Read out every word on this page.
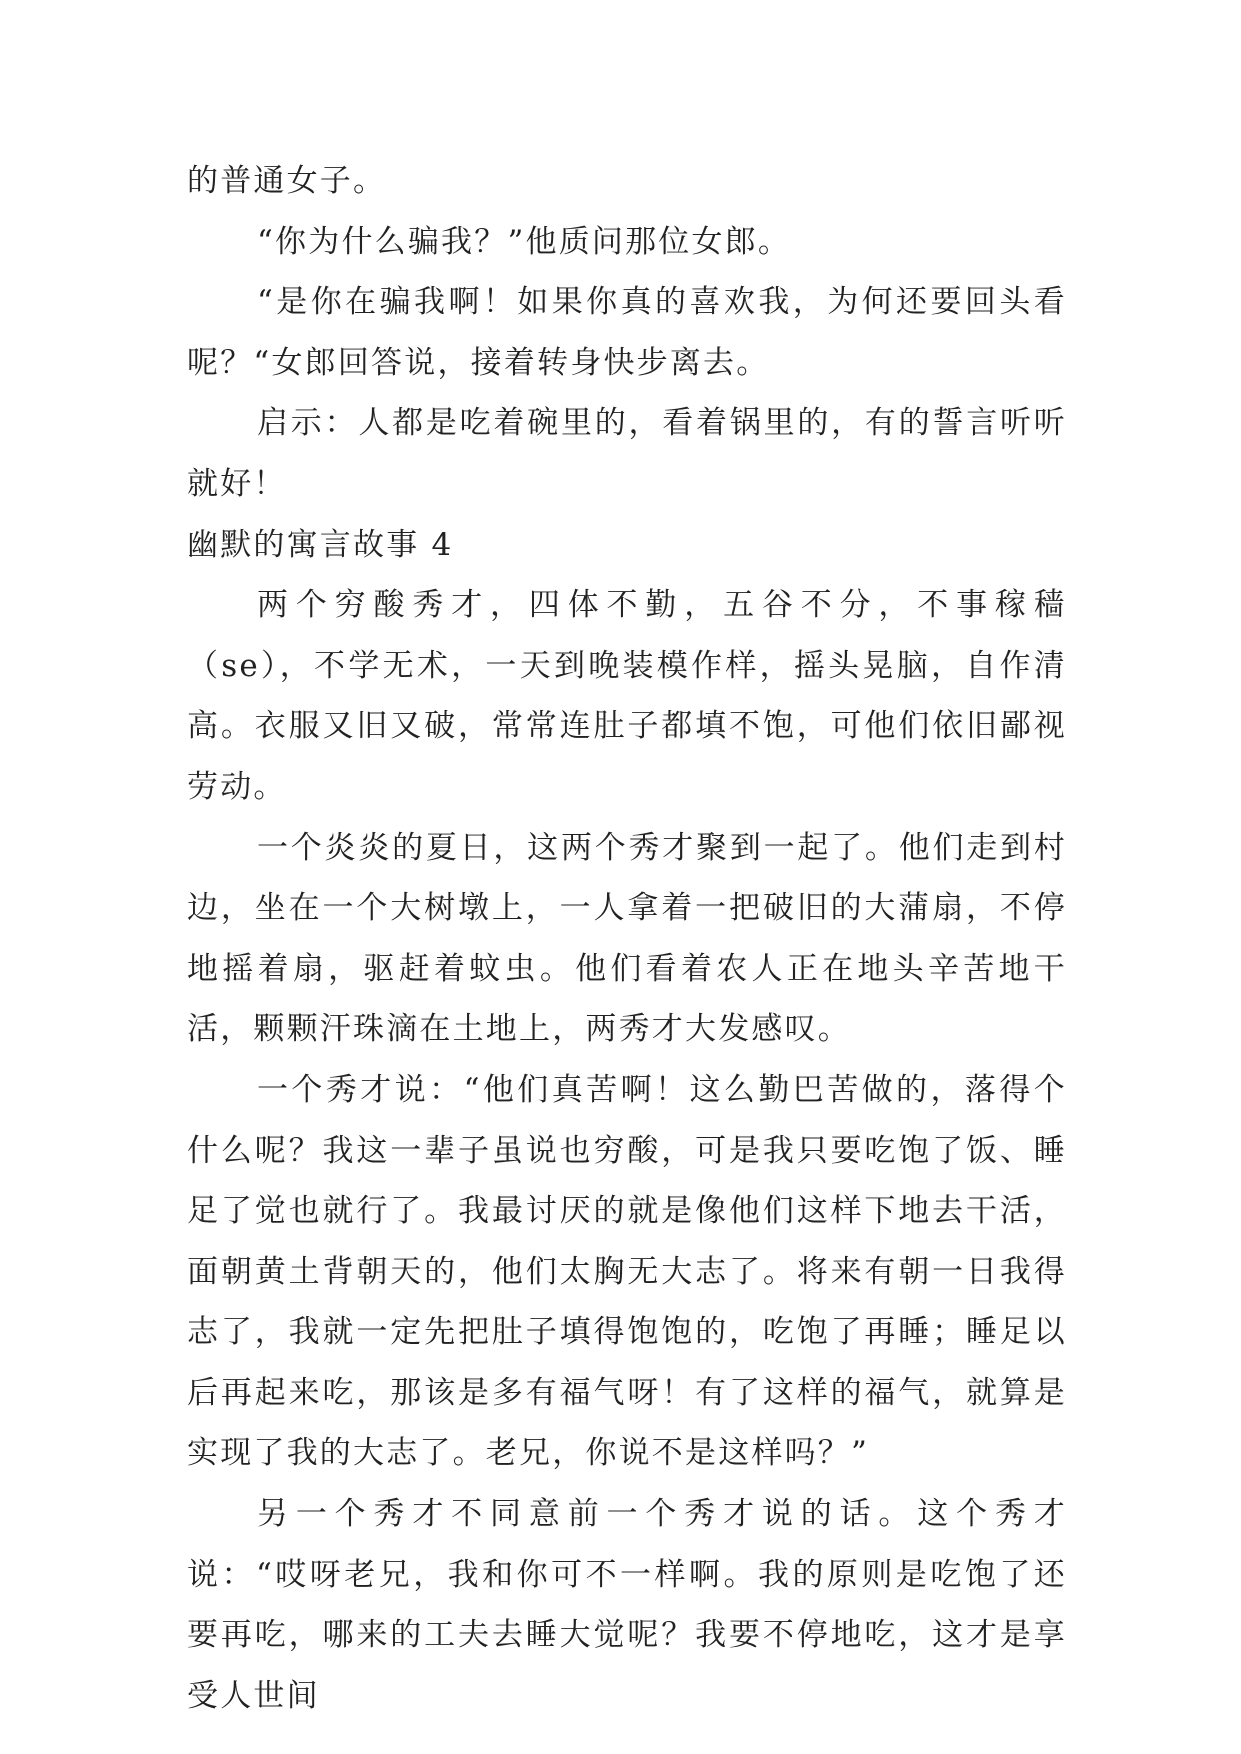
的普通女子。

“你为什么骗我？”他质问那位女郎。

“是你在骗我啊！如果你真的喜欢我，为何还要回头看呢？“女郎回答说，接着转身快步离去。

启示：人都是吃着碗里的，看着锅里的，有的誓言听听就好！

幽默的寓言故事 4

两个穷酸秀才，四体不勤，五谷不分，不事稼穑（se），不学无术，一天到晚装模作样，摇头晃脑，自作清高。衣服又旧又破，常常连肚子都填不饱，可他们依旧鄙视劳动。

一个炎炎的夏日，这两个秀才聚到一起了。他们走到村边，坐在一个大树墩上，一人拿着一把破旧的大蒲扇，不停地摇着扇，驱赶着蚊虫。他们看着农人正在地头辛苦地干活，颗颗汗珠滴在土地上，两秀才大发感叹。

一个秀才说：“他们真苦啊！这么勤巴苦做的，落得个什么呢？我这一辈子虽说也穷酸，可是我只要吃饱了饭、睡足了觉也就行了。我最讨厌的就是像他们这样下地去干活，面朝黄土背朝天的，他们太胸无大志了。将来有朝一日我得志了，我就一定先把肚子填得饱饱的，吃饱了再睡；睡足以后再起来吃，那该是多有福气呀！有了这样的福气，就算是实现了我的大志了。老兄，你说不是这样吗？”

另一个秀才不同意前一个秀才说的话。这个秀才说：“哎呀老兄，我和你可不一样啊。我的原则是吃饱了还要再吃，哪来的工夫去睡大觉呢？我要不停地吃，这才是享受人世间
